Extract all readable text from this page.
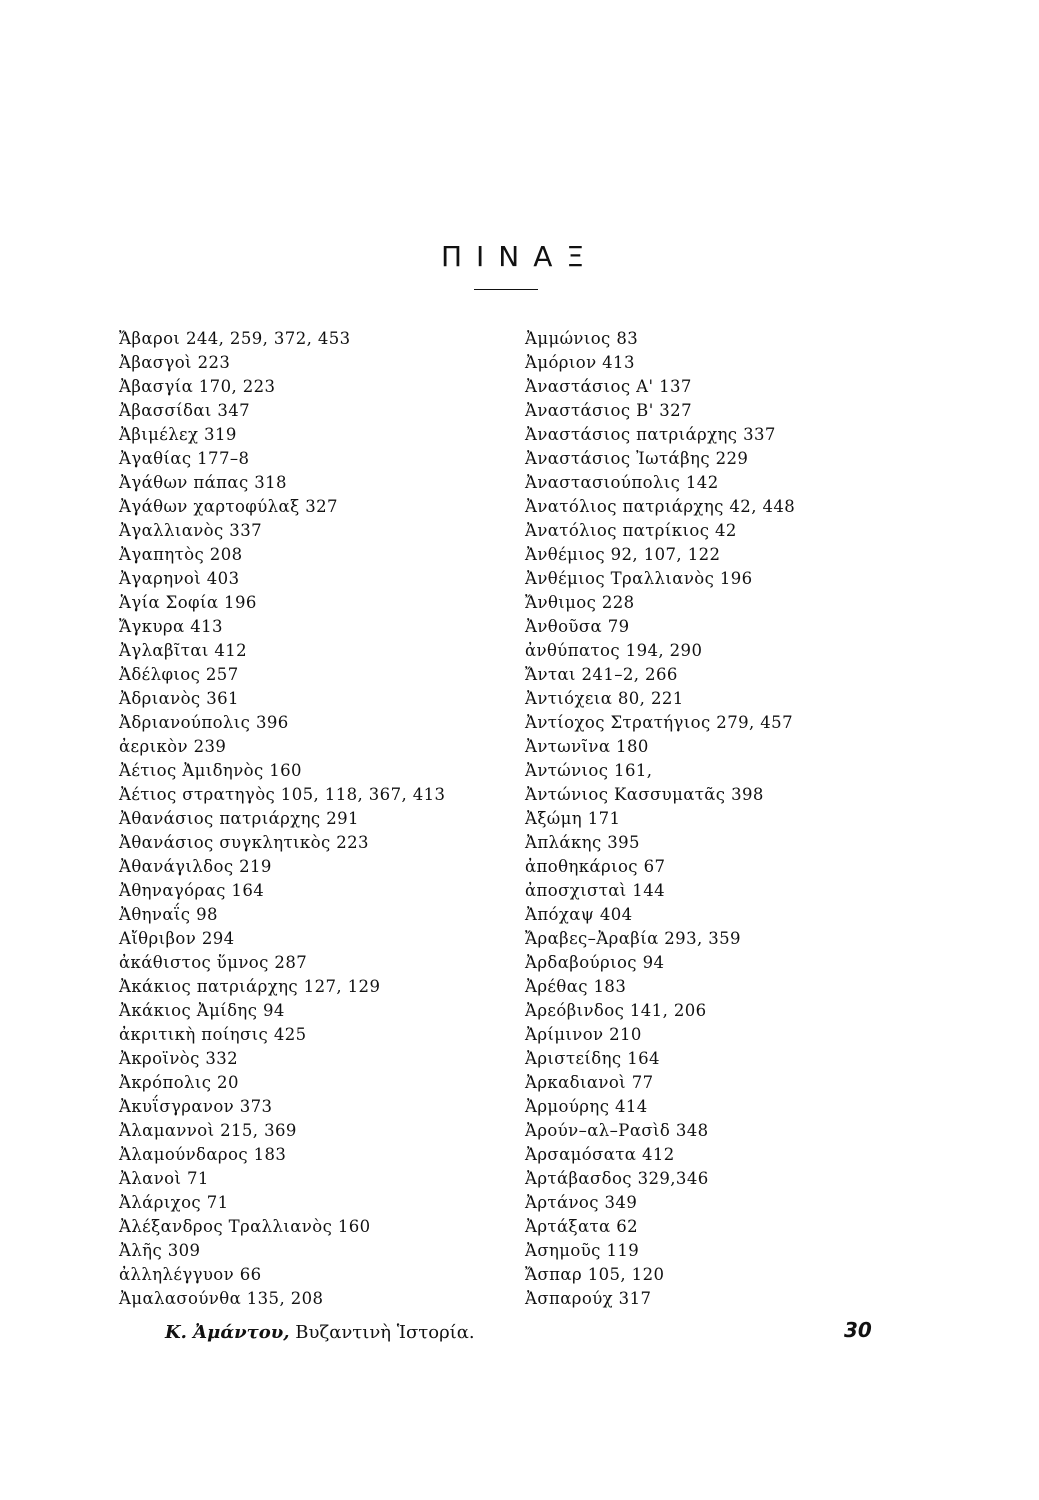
ΠΙΝΑΞ
Ἄβαροι 244, 259, 372, 453
Ἀβασγοὶ 223
Ἀβασγία 170, 223
Ἀβασσίδαι 347
Ἀβιμέλεχ 319
Ἀγαθίας 177–8
Ἀγάθων πάπας 318
Ἀγάθων χαρτοφύλαξ 327
Ἀγαλλιανὸς 337
Ἀγαπητὸς 208
Ἀγαρηνοὶ 403
Ἁγία Σοφία 196
Ἄγκυρα 413
Ἀγλαβῖται 412
Ἀδέλφιος 257
Ἀδριανὸς 361
Ἀδριανούπολις 396
ἀερικὸν 239
Ἀέτιος Ἀμιδηνὸς 160
Ἀέτιος στρατηγὸς 105, 118, 367, 413
Ἀθανάσιος πατριάρχης 291
Ἀθανάσιος συγκλητικὸς 223
Ἀθανάγιλδος 219
Ἀθηναγόρας 164
Ἀθηναΐς 98
Αἴθριβον 294
ἀκάθιστος ὕμνος 287
Ἀκάκιος πατριάρχης 127, 129
Ἀκάκιος Ἀμίδης 94
ἀκριτικὴ ποίησις 425
Ἀκροϊνὸς 332
Ἀκρόπολις 20
Ἀκυΐσγρανον 373
Ἀλαμαννοὶ 215, 369
Ἀλαμούνδαρος 183
Ἀλανοὶ 71
Ἀλάριχος 71
Ἀλέξανδρος Τραλλιανὸς 160
Ἀλῆς 309
ἀλληλέγγυον 66
Ἀμαλασούνθα 135, 208
Ἀμμώνιος 83
Ἀμόριον 413
Ἀναστάσιος Α' 137
Ἀναστάσιος Β' 327
Ἀναστάσιος πατριάρχης 337
Ἀναστάσιος Ἰωτάβης 229
Ἀναστασιούπολις 142
Ἀνατόλιος πατριάρχης 42, 448
Ἀνατόλιος πατρίκιος 42
Ἀνθέμιος 92, 107, 122
Ἀνθέμιος Τραλλιανὸς 196
Ἄνθιμος 228
Ἀνθοῦσα 79
ἀνθύπατος 194, 290
Ἄνται 241–2, 266
Ἀντιόχεια 80, 221
Ἀντίοχος Στρατήγιος 279, 457
Ἀντωνῖνα 180
Ἀντώνιος 161,
Ἀντώνιος Κασσυματᾶς 398
Ἀξώμη 171
Ἀπλάκης 395
ἀποθηκάριος 67
ἀποσχισταὶ 144
Ἀπόχαψ 404
Ἄραβες–Ἀραβία 293, 359
Ἀρδαβούριος 94
Ἀρέθας 183
Ἀρεόβινδος 141, 206
Ἀρίμινον 210
Ἀριστείδης 164
Ἀρκαδιανοὶ 77
Ἀρμούρης 414
Ἀρούν–αλ–Ρασὶδ 348
Ἀρσαμόσατα 412
Ἀρτάβασδος 329,346
Ἀρτάνος 349
Ἀρτάξατα 62
Ἀσημοῦς 119
Ἄσπαρ 105, 120
Ἀσπαρούχ 317
Κ. Ἀμάντου, Βυζαντινὴ Ἱστορία.	30
